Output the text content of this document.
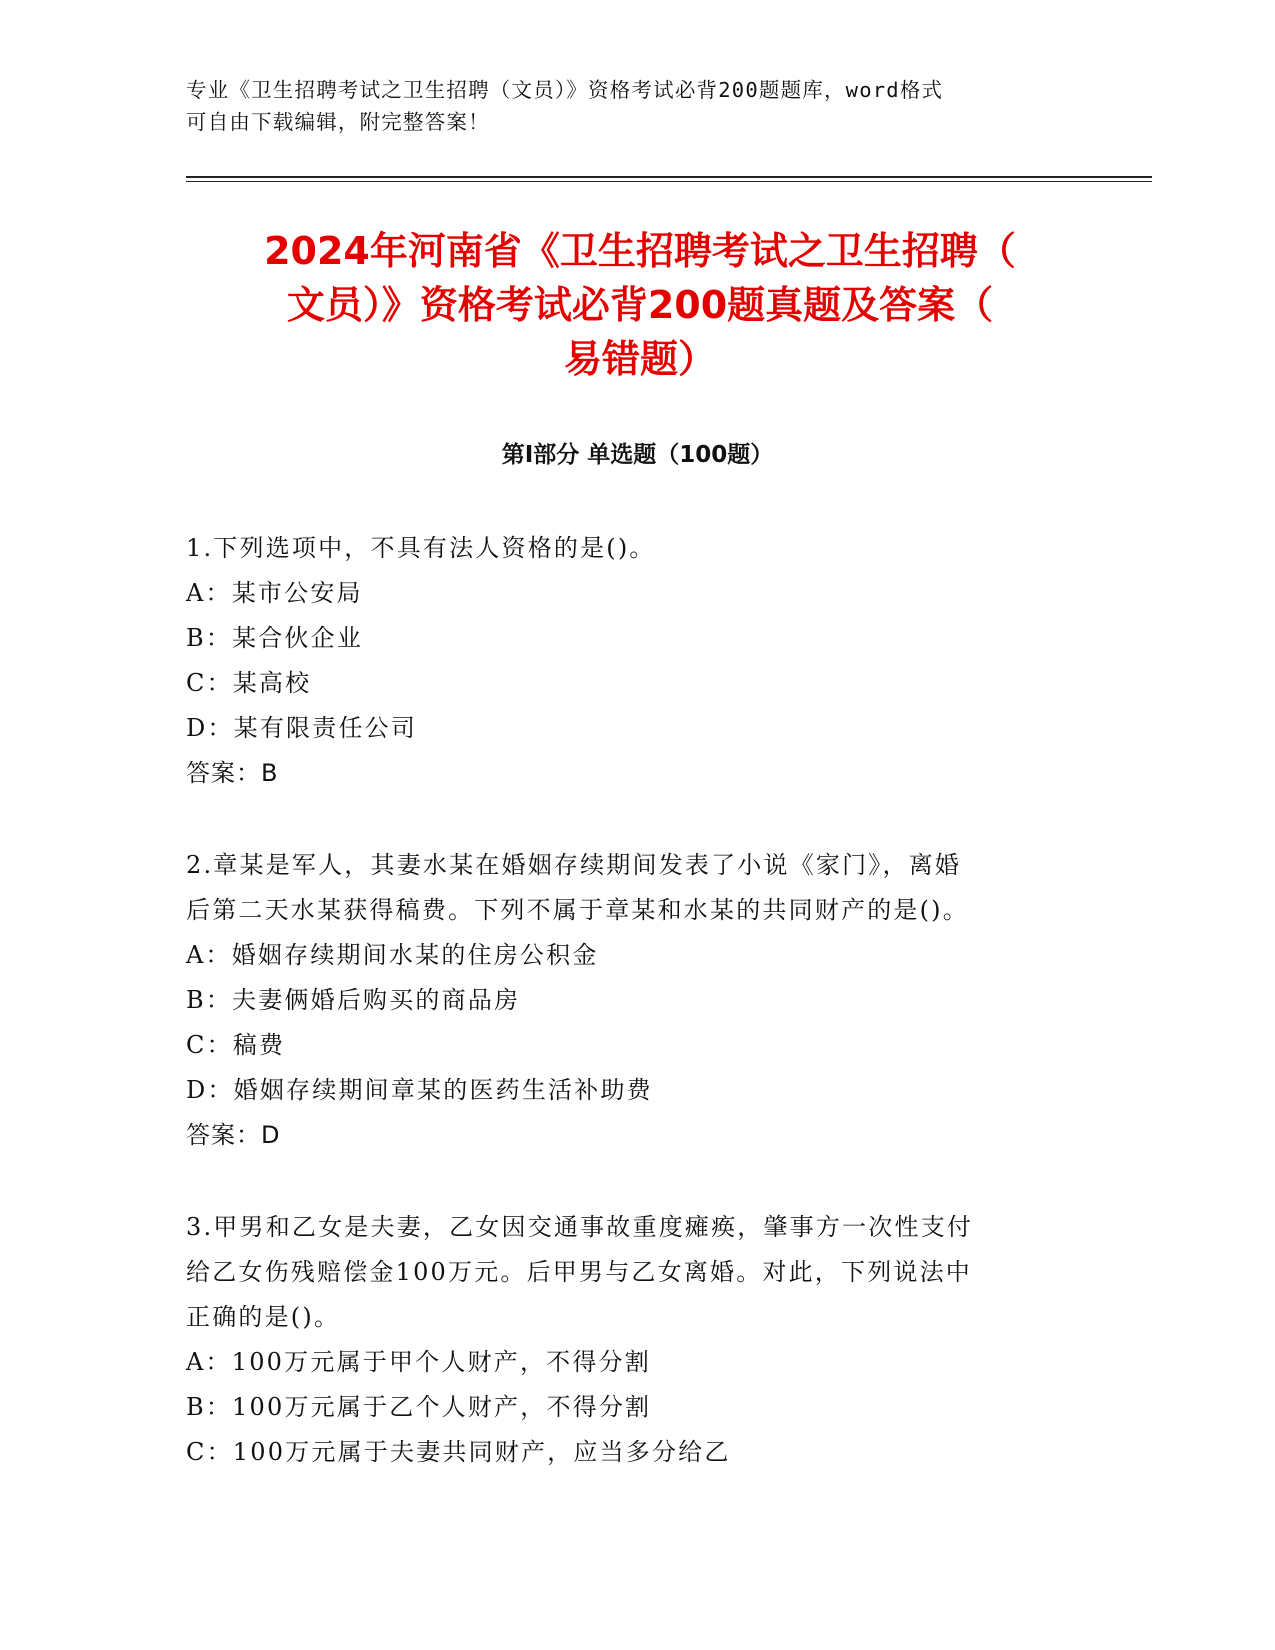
专业《卫生招聘考试之卫生招聘（文员）》资格考试必背200题题库，word格式
可自由下载编辑，附完整答案！
2024年河南省《卫生招聘考试之卫生招聘（
文员）》资格考试必背200题真题及答案（
易错题）
第Ⅰ部分 单选题（100题）
1.下列选项中，不具有法人资格的是()。
A：某市公安局
B：某合伙企业
C：某高校
D：某有限责任公司
答案：B
2.章某是军人，其妻水某在婚姻存续期间发表了小说《家门》，离婚
后第二天水某获得稿费。下列不属于章某和水某的共同财产的是()。
A：婚姻存续期间水某的住房公积金
B：夫妻俩婚后购买的商品房
C：稿费
D：婚姻存续期间章某的医药生活补助费
答案：D
3.甲男和乙女是夫妻，乙女因交通事故重度瘫痪，肇事方一次性支付
给乙女伤残赔偿金100万元。后甲男与乙女离婚。对此，下列说法中
正确的是()。
A：100万元属于甲个人财产，不得分割
B：100万元属于乙个人财产，不得分割
C：100万元属于夫妻共同财产，应当多分给乙
